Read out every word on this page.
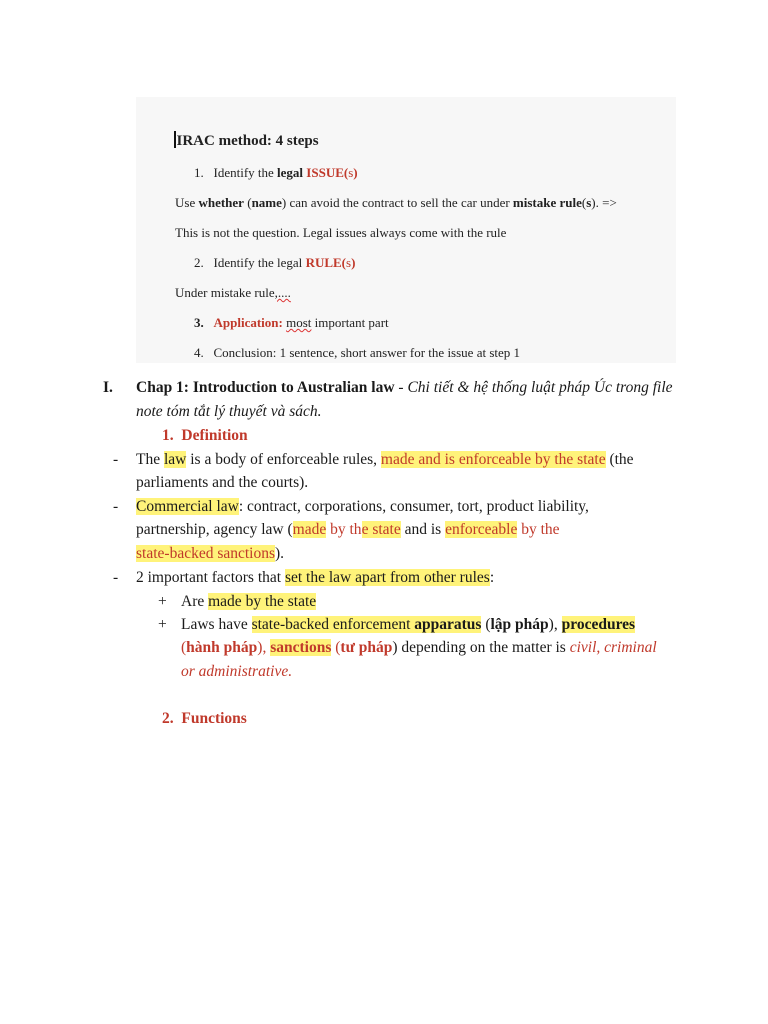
IRAC method: 4 steps
1. Identify the legal ISSUE(s)
Use whether (name) can avoid the contract to sell the car under mistake rule(s). =>
This is not the question. Legal issues always come with the rule
2. Identify the legal RULE(s)
Under mistake rule,....
3. Application: most important part
4. Conclusion: 1 sentence, short answer for the issue at step 1
I. Chap 1: Introduction to Australian law - Chi tiết & hệ thống luật pháp Úc trong file
note tóm tắt lý thuyết và sách.
1. Definition
- The law is a body of enforceable rules, made and is enforceable by the state (the
parliaments and the courts).
- Commercial law: contract, corporations, consumer, tort, product liability,
partnership, agency law (made by the state and is enforceable by the
state-backed sanctions).
- 2 important factors that set the law apart from other rules:
+ Are made by the state
+ Laws have state-backed enforcement apparatus (lập pháp), procedures
(hành pháp), sanctions (tư pháp) depending on the matter is civil, criminal
or administrative.
2. Functions
